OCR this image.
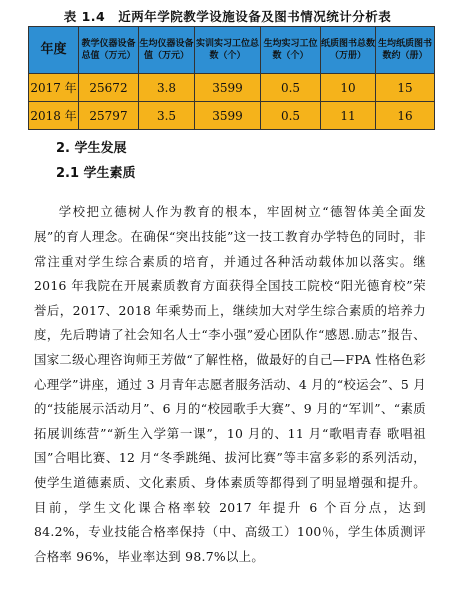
表 1.4　近两年学院教学设施设备及图书情况统计分析表
年度	教学仪器设备总值（万元）	生均仪器设备值（万元）	实训实习工位总数（个）	生均实习工位数（个）	纸质图书总数（万册）	生均纸质图书数约（册）
2017 年	25672	3.8	3599	0.5	10	15
2018 年	25797	3.5	3599	0.5	11	16
2. 学生发展
2.1 学生素质

学校把立德树人作为教育的根本，牢固树立“德智体美全面发展”的育人理念。在确保“突出技能”这一技工教育办学特色的同时，非常注重对学生综合素质的培育，并通过各种活动载体加以落实。继 2016 年我院在开展素质教育方面获得全国技工院校“阳光德育校”荣誉后，2017、2018 年乘势而上，继续加大对学生综合素质的培养力度，先后聘请了社会知名人士“李小强”爱心团队作“感恩.励志”报告、国家二级心理咨询师王芳做“了解性格，做最好的自己—FPA 性格色彩心理学”讲座，通过 3 月青年志愿者服务活动、4 月的“校运会”、5 月的“技能展示活动月”、6 月的“校园歌手大赛”、9 月的“军训”、“素质拓展训练营”“新生入学第一课”，10 月的、11 月“歌唱青春 歌唱祖国”合唱比赛、12 月“冬季跳绳、拔河比赛”等丰富多彩的系列活动，使学生道德素质、文化素质、身体素质等都得到了明显增强和提升。目前，学生文化课合格率较 2017 年提升 6 个百分点，达到 84.2%，专业技能合格率保持（中、高级工）100％，学生体质测评合格率 96%，毕业率达到 98.7%以上。
